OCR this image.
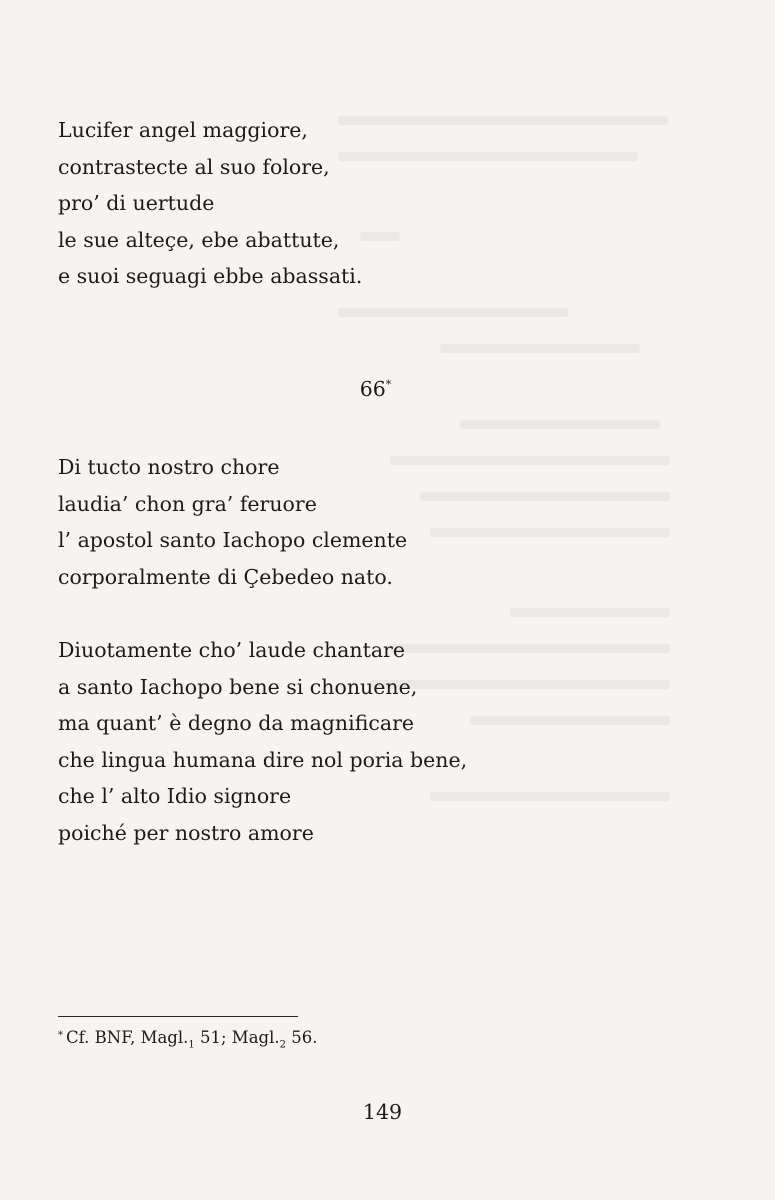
Lucifer angel maggiore,
contrastecte al suo folore,
pro’ di uertude
le sue alteçe, ebe abattute,
e suoi seguagi ebbe abassati.
66*
Di tucto nostro chore
laudia’ chon gra’ feruore
l’ apostol santo Iachopo clemente
corporalmente di Çebedeo nato.
Diuotamente cho’ laude chantare
a santo Iachopo bene si chonuene,
ma quant’ è degno da magnificare
che lingua humana dire nol poria bene,
che l’ alto Idio signore
poiché per nostro amore
* Cf. BNF, $Magl._1$ 51; $Magl._2$ 56.
149
